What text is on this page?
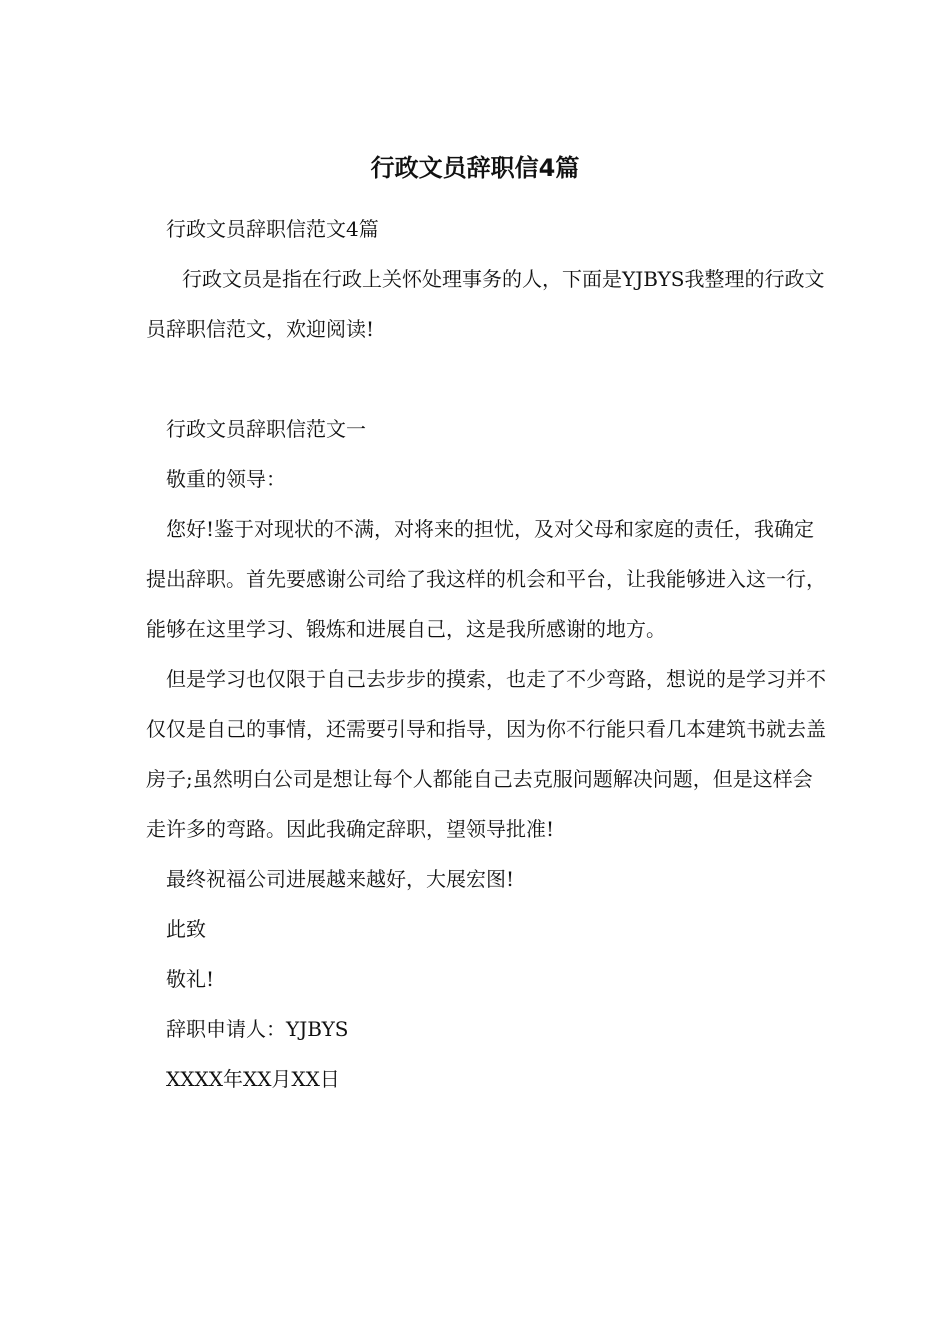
行政文员辞职信4篇

行政文员辞职信范文4篇

行政文员是指在行政上关怀处理事务的人，下面是YJBYS我整理的行政文员辞职信范文，欢迎阅读!

行政文员辞职信范文一

敬重的领导：

您好!鉴于对现状的不满，对将来的担忧，及对父母和家庭的责任，我确定提出辞职。首先要感谢公司给了我这样的机会和平台，让我能够进入这一行，能够在这里学习、锻炼和进展自己，这是我所感谢的地方。

但是学习也仅限于自己去步步的摸索，也走了不少弯路，想说的是学习并不仅仅是自己的事情，还需要引导和指导，因为你不行能只看几本建筑书就去盖房子;虽然明白公司是想让每个人都能自己去克服问题解决问题，但是这样会走许多的弯路。因此我确定辞职，望领导批准!

最终祝福公司进展越来越好，大展宏图!

此致

敬礼!

辞职申请人：YJBYS

XXXX年XX月XX日
